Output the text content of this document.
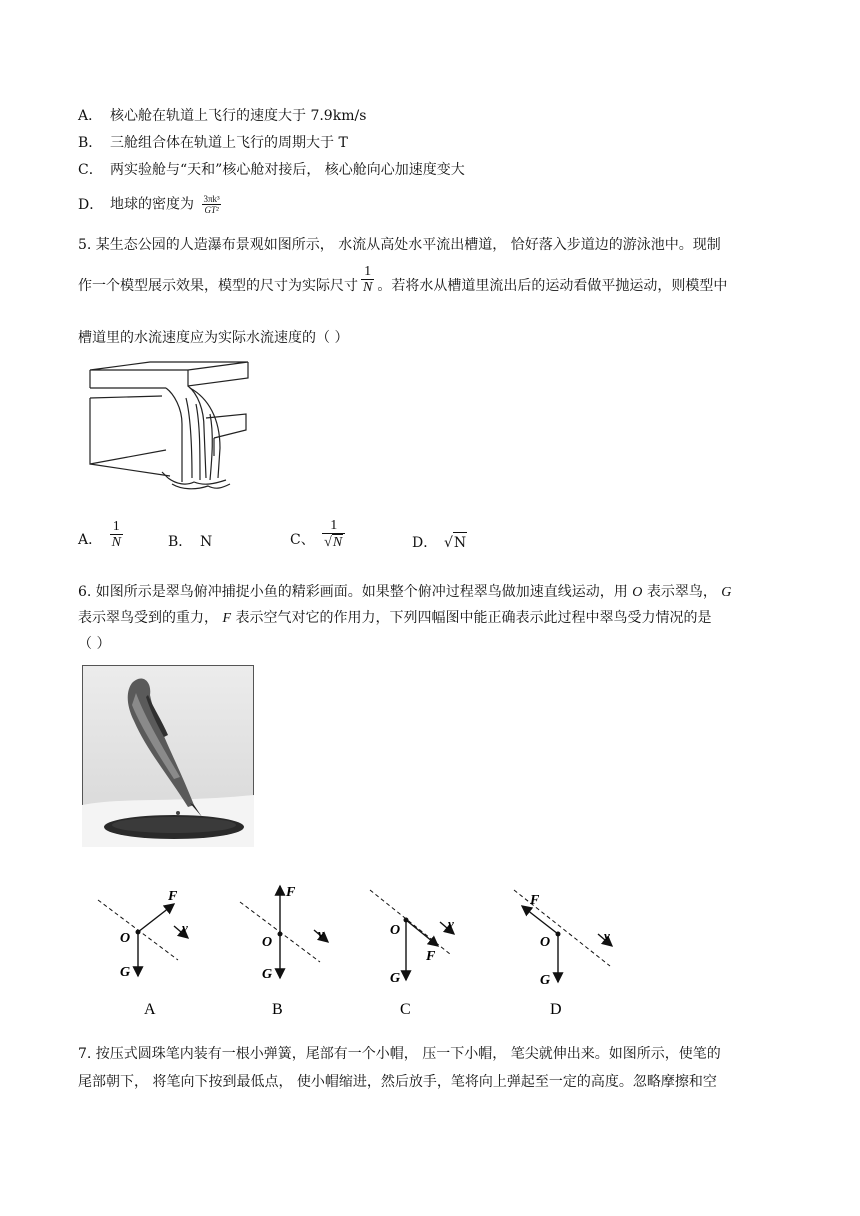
A． 核心舱在轨道上飞行的速度大于 7.9km/s
B． 三舱组合体在轨道上飞行的周期大于 T
C． 两实验舱与“天和”核心舱对接后， 核心舱向心加速度变大
D． 地球的密度为 $\frac{\text{3πk³}}{\text{GT²}}$
5. 某生态公园的人造瀑布景观如图所示， 水流从高处水平流出槽道， 恰好落入步道边的游泳池中。现制
作一个模型展示效果，模型的尺寸为实际尺寸 $\frac{1}{N}$ 。若将水从槽道里流出后的运动看做平抛运动，则模型中
槽道里的水流速度应为实际水流速度的（ ）
A． $\frac{1}{N}$	B． N	C、 $\frac{1}{√N}$	D． √N
6. 如图所示是翠鸟俯冲捕捉小鱼的精彩画面。如果整个俯冲过程翠鸟做加速直线运动，用 O 表示翠鸟， G
表示翠鸟受到的重力， F 表示空气对它的作用力，下列四幅图中能正确表示此过程中翠鸟受力情况的是
（ ）
F
v
O
G
A
F
v
O
G
B
O
F
v
G
C
F
v
O
G
D
7. 按压式圆珠笔内装有一根小弹簧，尾部有一个小帽， 压一下小帽， 笔尖就伸出来。如图所示，使笔的
尾部朝下， 将笔向下按到最低点， 使小帽缩进，然后放手，笔将向上弹起至一定的高度。忽略摩擦和空
